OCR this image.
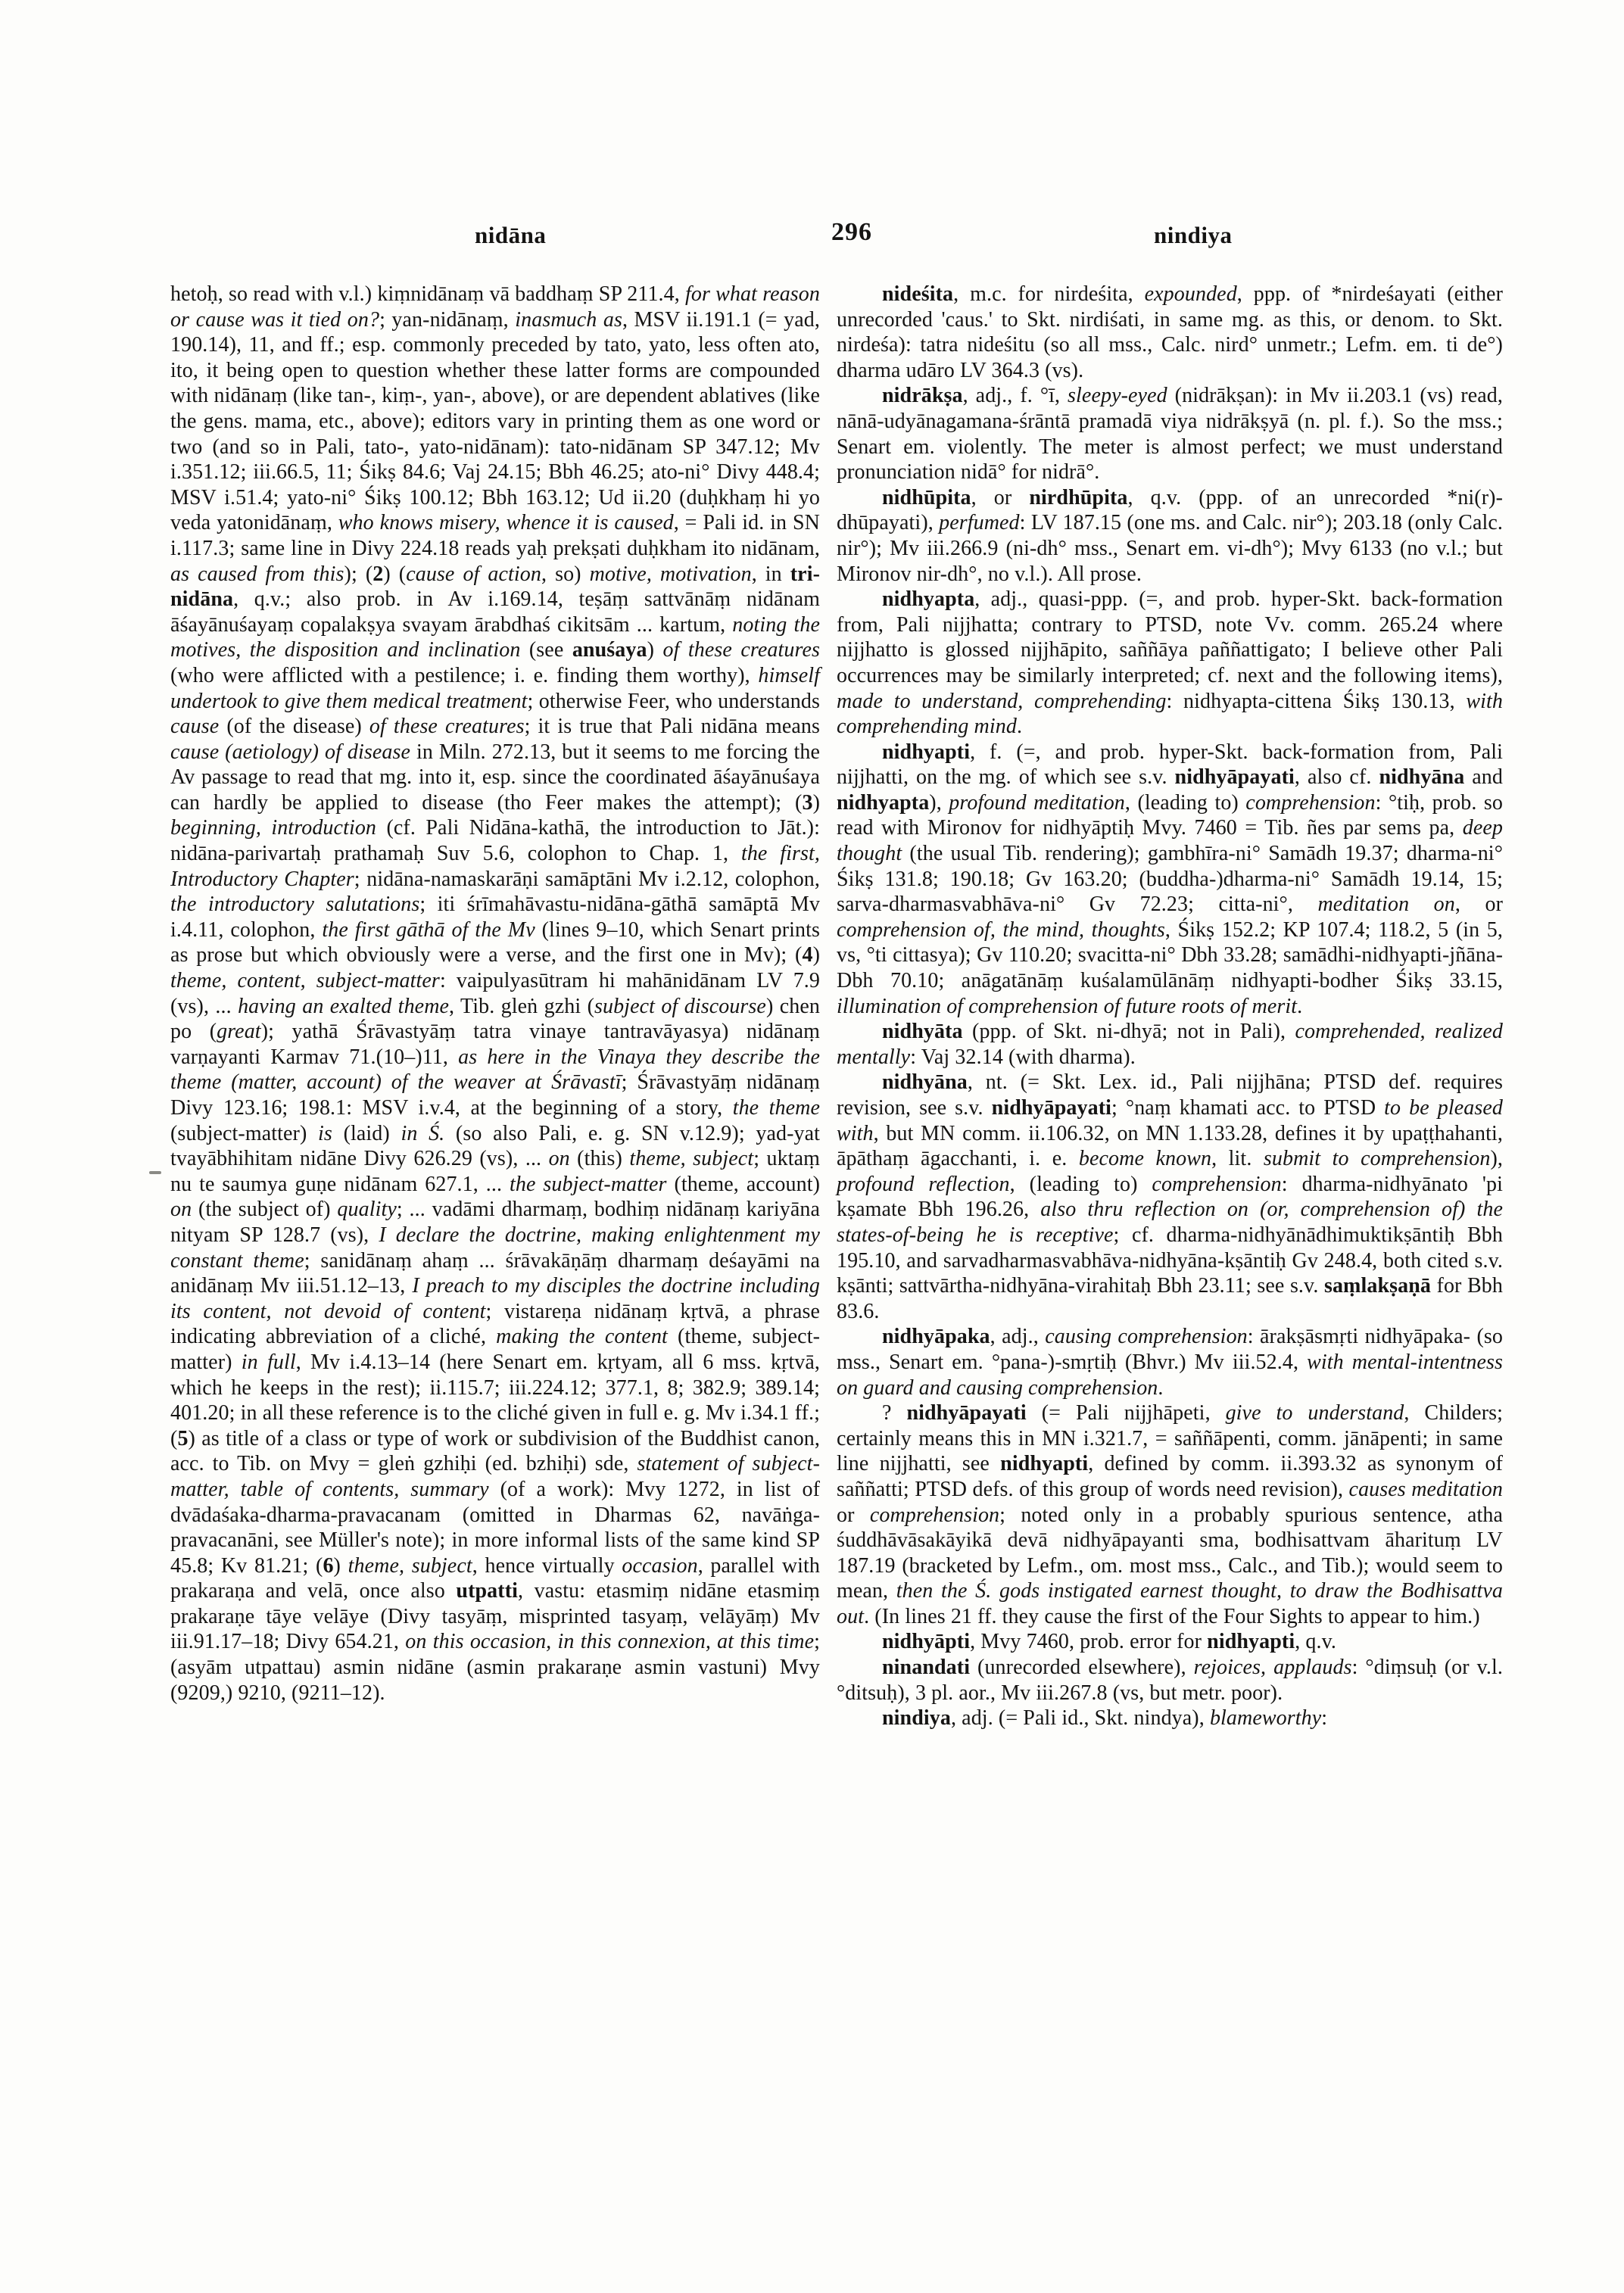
nidāna	296	nindiya

hetoḥ, so read with v.l.) kiṃnidānaṃ vā baddhaṃ SP 211.4, for what reason or cause was it tied on?; yan-nidānaṃ, inasmuch as, MSV ii.191.1 (= yad, 190.14), 11, and ff.; esp. commonly preceded by tato, yato, less often ato, ito, it being open to question whether these latter forms are compounded with nidānaṃ (like tan-, kiṃ-, yan-, above), or are dependent ablatives (like the gens. mama, etc., above); editors vary in printing them as one word or two (and so in Pali, tato-, yato-nidānam): tato-nidānam SP 347.12; Mv i.351.12; iii.66.5, 11; Śikṣ 84.6; Vaj 24.15; Bbh 46.25; ato-ni° Divy 448.4; MSV i.51.4; yato-ni° Śikṣ 100.12; Bbh 163.12; Ud ii.20 (duḥkhaṃ hi yo veda yatonidānaṃ, who knows misery, whence it is caused, = Pali id. in SN i.117.3; same line in Divy 224.18 reads yaḥ prekṣati duḥkham ito nidānam, as caused from this); (2) (cause of action, so) motive, motivation, in tri-nidāna, q.v.; also prob. in Av i.169.14, teṣāṃ sattvānāṃ nidānam āśayānuśayaṃ copalakṣya svayam ārabdhaś cikitsām ... kartum, noting the motives, the disposition and inclination (see anuśaya) of these creatures (who were afflicted with a pestilence; i. e. finding them worthy), himself undertook to give them medical treatment; otherwise Feer, who understands cause (of the disease) of these creatures; it is true that Pali nidāna means cause (aetiology) of disease in Miln. 272.13, but it seems to me forcing the Av passage to read that mg. into it, esp. since the coordinated āśayānuśaya can hardly be applied to disease (tho Feer makes the attempt); (3) beginning, introduction (cf. Pali Nidāna-kathā, the introduction to Jāt.): nidāna-parivartaḥ prathamaḥ Suv 5.6, colophon to Chap. 1, the first, Introductory Chapter; nidāna-namaskarāṇi samāptāni Mv i.2.12, colophon, the introductory salutations; iti śrīmahāvastu-nidāna-gāthā samāptā Mv i.4.11, colophon, the first gāthā of the Mv (lines 9–10, which Senart prints as prose but which obviously were a verse, and the first one in Mv); (4) theme, content, subject-matter: vaipulyasūtram hi mahānidānam LV 7.9 (vs), ... having an exalted theme, Tib. gleṅ gzhi (subject of discourse) chen po (great); yathā Śrāvastyāṃ tatra vinaye tantravāyasya) nidānaṃ varṇayanti Karmav 71.(10–)11, as here in the Vinaya they describe the theme (matter, account) of the weaver at Śrāvastī; Śrāvastyāṃ nidānaṃ Divy 123.16; 198.1: MSV i.v.4, at the beginning of a story, the theme (subject-matter) is (laid) in Ś. (so also Pali, e. g. SN v.12.9); yad-yat tvayābhihitam nidāne Divy 626.29 (vs), ... on (this) theme, subject; uktaṃ nu te saumya guṇe nidānam 627.1, ... the subject-matter (theme, account) on (the subject of) quality; ... vadāmi dharmaṃ, bodhiṃ nidānaṃ kariyāna nityam SP 128.7 (vs), I declare the doctrine, making enlightenment my constant theme; sanidānaṃ ahaṃ ... śrāvakāṇāṃ dharmaṃ deśayāmi na anidānaṃ Mv iii.51.12–13, I preach to my disciples the doctrine including its content, not devoid of content; vistareṇa nidānaṃ kṛtvā, a phrase indicating abbreviation of a cliché, making the content (theme, subject-matter) in full, Mv i.4.13–14 (here Senart em. kṛtyam, all 6 mss. kṛtvā, which he keeps in the rest); ii.115.7; iii.224.12; 377.1, 8; 382.9; 389.14; 401.20; in all these reference is to the cliché given in full e. g. Mv i.34.1 ff.; (5) as title of a class or type of work or subdivision of the Buddhist canon, acc. to Tib. on Mvy = gleṅ gzhiḥi (ed. bzhiḥi) sde, statement of subject-matter, table of contents, summary (of a work): Mvy 1272, in list of dvādaśaka-dharma-pravacanam (omitted in Dharmas 62, navāṅga-pravacanāni, see Müller's note); in more informal lists of the same kind SP 45.8; Kv 81.21; (6) theme, subject, hence virtually occasion, parallel with prakaraṇa and velā, once also utpatti, vastu: etasmiṃ nidāne etasmiṃ prakaraṇe tāye velāye (Divy tasyāṃ, misprinted tasyaṃ, velāyāṃ) Mv iii.91.17–18; Divy 654.21, on this occasion, in this connexion, at this time; (asyām utpattau) asmin nidāne (asmin prakaraṇe asmin vastuni) Mvy (9209,) 9210, (9211–12).

nideśita, m.c. for nirdeśita, expounded, ppp. of *nirdeśayati (either unrecorded 'caus.' to Skt. nirdiśati, in same mg. as this, or denom. to Skt. nirdeśa): tatra nideśitu (so all mss., Calc. nird° unmetr.; Lefm. em. ti de°) dharma udāro LV 364.3 (vs).

nidrākṣa, adj., f. °ī, sleepy-eyed (nidrākṣan): in Mv ii.203.1 (vs) read, nānā-udyānagamana-śrāntā pramadā viya nidrākṣyā (n. pl. f.). So the mss.; Senart em. violently. The meter is almost perfect; we must understand pronunciation nidā° for nidrā°.

nidhūpita, or nirdhūpita, q.v. (ppp. of an unrecorded *ni(r)-dhūpayati), perfumed: LV 187.15 (one ms. and Calc. nir°); 203.18 (only Calc. nir°); Mv iii.266.9 (ni-dh° mss., Senart em. vi-dh°); Mvy 6133 (no v.l.; but Mironov nir-dh°, no v.l.). All prose.

nidhyapta, adj., quasi-ppp. (=, and prob. hyper-Skt. back-formation from, Pali nijjhatta; contrary to PTSD, note Vv. comm. 265.24 where nijjhatto is glossed nijjhāpito, saññāya paññattigato; I believe other Pali occurrences may be similarly interpreted; cf. next and the following items), made to understand, comprehending: nidhyapta-cittena Śikṣ 130.13, with comprehending mind.

nidhyapti, f. (=, and prob. hyper-Skt. back-formation from, Pali nijjhatti, on the mg. of which see s.v. nidhyāpayati, also cf. nidhyāna and nidhyapta), profound meditation, (leading to) comprehension: °tiḥ, prob. so read with Mironov for nidhyāptiḥ Mvy. 7460 = Tib. ñes par sems pa, deep thought (the usual Tib. rendering); gambhīra-ni° Samādh 19.37; dharma-ni° Śikṣ 131.8; 190.18; Gv 163.20; (buddha-)dharma-ni° Samādh 19.14, 15; sarva-dharmasvabhāva-ni° Gv 72.23; citta-ni°, meditation on, or comprehension of, the mind, thoughts, Śikṣ 152.2; KP 107.4; 118.2, 5 (in 5, vs, °ti cittasya); Gv 110.20; svacitta-ni° Dbh 33.28; samādhi-nidhyapti-jñāna- Dbh 70.10; anāgatānāṃ kuśalamūlānāṃ nidhyapti-bodher Śikṣ 33.15, illumination of comprehension of future roots of merit.

nidhyāta (ppp. of Skt. ni-dhyā; not in Pali), comprehended, realized mentally: Vaj 32.14 (with dharma).

nidhyāna, nt. (= Skt. Lex. id., Pali nijjhāna; PTSD def. requires revision, see s.v. nidhyāpayati; °naṃ khamati acc. to PTSD to be pleased with, but MN comm. ii.106.32, on MN 1.133.28, defines it by upaṭṭhahanti, āpāthaṃ āgacchanti, i. e. become known, lit. submit to comprehension), profound reflection, (leading to) comprehension: dharma-nidhyānato 'pi kṣamate Bbh 196.26, also thru reflection on (or, comprehension of) the states-of-being he is receptive; cf. dharma-nidhyānādhimuktikṣāntiḥ Bbh 195.10, and sarvadharmasvabhāva-nidhyāna-kṣāntiḥ Gv 248.4, both cited s.v. kṣānti; sattvārtha-nidhyāna-virahitaḥ Bbh 23.11; see s.v. saṃlakṣaṇā for Bbh 83.6.

nidhyāpaka, adj., causing comprehension: ārakṣāsmṛti nidhyāpaka- (so mss., Senart em. °pana-)-smṛtiḥ (Bhvr.) Mv iii.52.4, with mental-intentness on guard and causing comprehension.

? nidhyāpayati (= Pali nijjhāpeti, give to understand, Childers; certainly means this in MN i.321.7, = saññāpenti, comm. jānāpenti; in same line nijjhatti, see nidhyapti, defined by comm. ii.393.32 as synonym of saññatti; PTSD defs. of this group of words need revision), causes meditation or comprehension; noted only in a probably spurious sentence, atha śuddhāvāsakāyikā devā nidhyāpayanti sma, bodhisattvam āharituṃ LV 187.19 (bracketed by Lefm., om. most mss., Calc., and Tib.); would seem to mean, then the Ś. gods instigated earnest thought, to draw the Bodhisattva out. (In lines 21 ff. they cause the first of the Four Sights to appear to him.)

nidhyāpti, Mvy 7460, prob. error for nidhyapti, q.v.

ninandati (unrecorded elsewhere), rejoices, applauds: °diṃsuḥ (or v.l. °ditsuḥ), 3 pl. aor., Mv iii.267.8 (vs, but metr. poor).

nindiya, adj. (= Pali id., Skt. nindya), blameworthy:
